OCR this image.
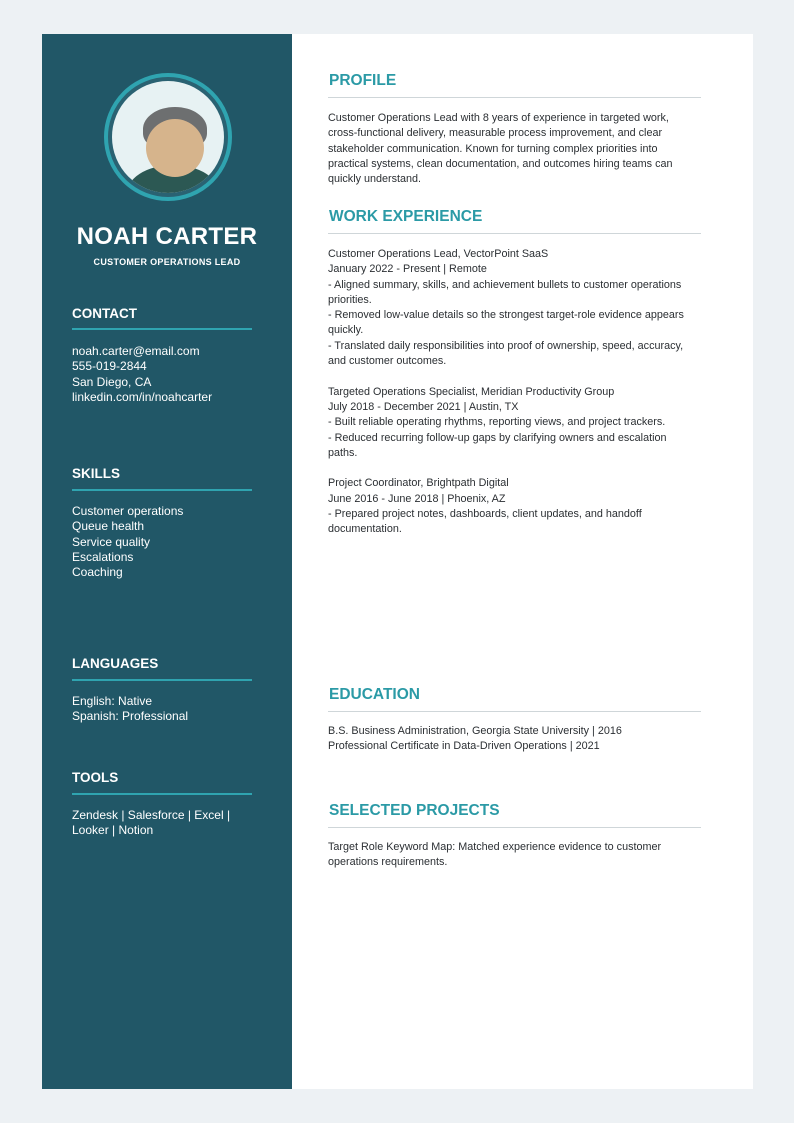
NOAH CARTER
CUSTOMER OPERATIONS LEAD
CONTACT
noah.carter@email.com
555-019-2844
San Diego, CA
linkedin.com/in/noahcarter
SKILLS
Customer operations
Queue health
Service quality
Escalations
Coaching
LANGUAGES
English: Native
Spanish: Professional
TOOLS
Zendesk | Salesforce | Excel |
Looker | Notion
PROFILE
Customer Operations Lead with 8 years of experience in targeted work, cross-functional delivery, measurable process improvement, and clear stakeholder communication. Known for turning complex priorities into practical systems, clean documentation, and outcomes hiring teams can quickly understand.
WORK EXPERIENCE
Customer Operations Lead, VectorPoint SaaS
January 2022 - Present | Remote
- Aligned summary, skills, and achievement bullets to customer operations priorities.
- Removed low-value details so the strongest target-role evidence appears quickly.
- Translated daily responsibilities into proof of ownership, speed, accuracy, and customer outcomes.
Targeted Operations Specialist, Meridian Productivity Group
July 2018 - December 2021 | Austin, TX
- Built reliable operating rhythms, reporting views, and project trackers.
- Reduced recurring follow-up gaps by clarifying owners and escalation paths.
Project Coordinator, Brightpath Digital
June 2016 - June 2018 | Phoenix, AZ
- Prepared project notes, dashboards, client updates, and handoff documentation.
EDUCATION
B.S. Business Administration, Georgia State University | 2016
Professional Certificate in Data-Driven Operations | 2021
SELECTED PROJECTS
Target Role Keyword Map: Matched experience evidence to customer operations requirements.
